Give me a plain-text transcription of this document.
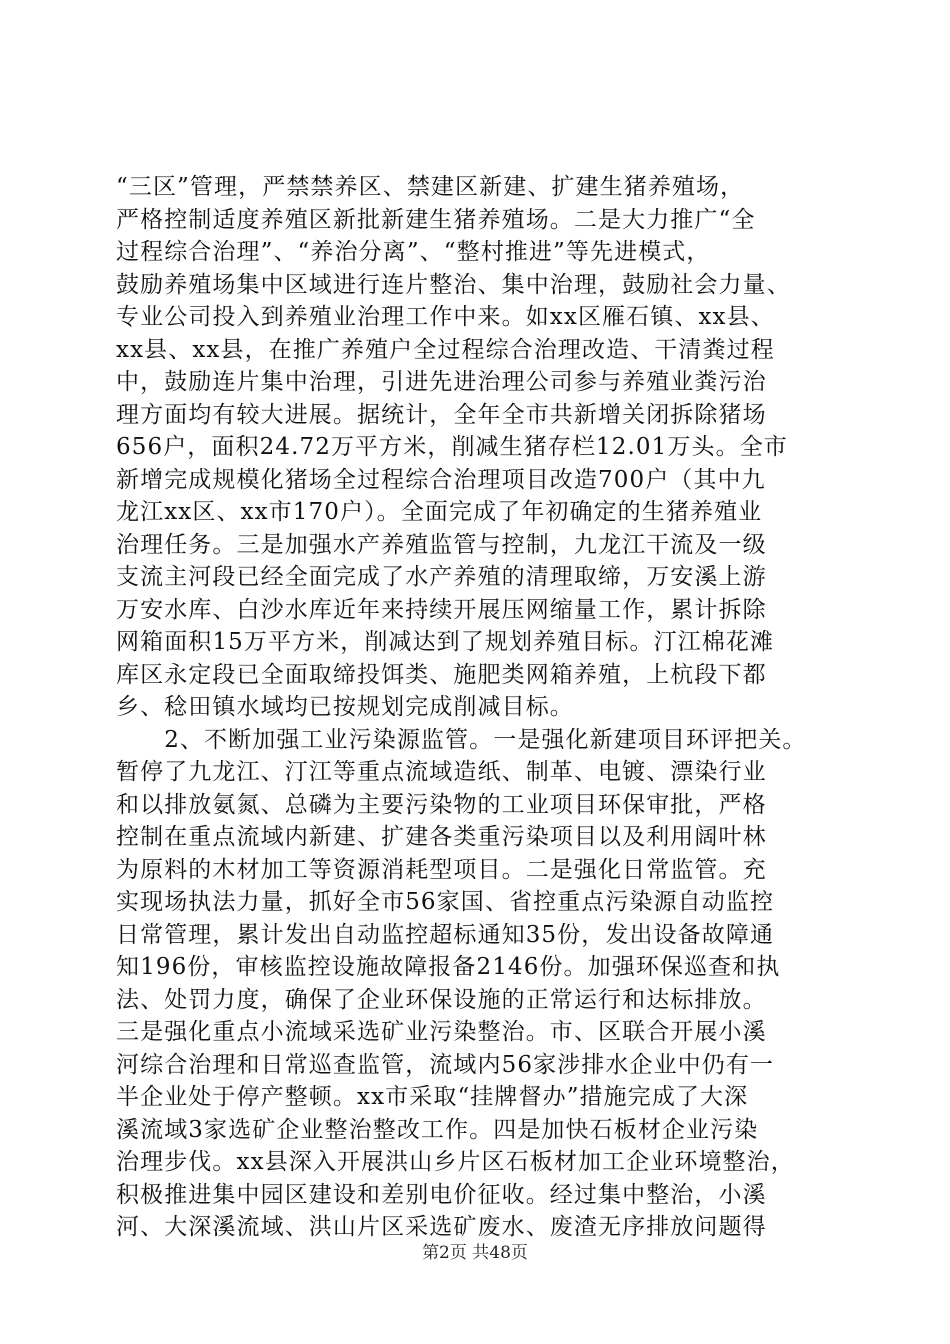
“三区”管理，严禁禁养区、禁建区新建、扩建生猪养殖场，
严格控制适度养殖区新批新建生猪养殖场。二是大力推广“全
过程综合治理”、“养治分离”、“整村推进”等先进模式，
鼓励养殖场集中区域进行连片整治、集中治理，鼓励社会力量、
专业公司投入到养殖业治理工作中来。如xx区雁石镇、xx县、
xx县、xx县，在推广养殖户全过程综合治理改造、干清粪过程
中，鼓励连片集中治理，引进先进治理公司参与养殖业粪污治
理方面均有较大进展。据统计，全年全市共新增关闭拆除猪场
656户，面积24.72万平方米，削减生猪存栏12.01万头。全市
新增完成规模化猪场全过程综合治理项目改造700户（其中九
龙江xx区、xx市170户）。全面完成了年初确定的生猪养殖业
治理任务。三是加强水产养殖监管与控制，九龙江干流及一级
支流主河段已经全面完成了水产养殖的清理取缔，万安溪上游
万安水库、白沙水库近年来持续开展压网缩量工作，累计拆除
网箱面积15万平方米，削减达到了规划养殖目标。汀江棉花滩
库区永定段已全面取缔投饵类、施肥类网箱养殖，上杭段下都
乡、稔田镇水域均已按规划完成削减目标。
　　2、不断加强工业污染源监管。一是强化新建项目环评把关。
暂停了九龙江、汀江等重点流域造纸、制革、电镀、漂染行业
和以排放氨氮、总磷为主要污染物的工业项目环保审批，严格
控制在重点流域内新建、扩建各类重污染项目以及利用阔叶林
为原料的木材加工等资源消耗型项目。二是强化日常监管。充
实现场执法力量，抓好全市56家国、省控重点污染源自动监控
日常管理，累计发出自动监控超标通知35份，发出设备故障通
知196份，审核监控设施故障报备2146份。加强环保巡查和执
法、处罚力度，确保了企业环保设施的正常运行和达标排放。
三是强化重点小流域采选矿业污染整治。市、区联合开展小溪
河综合治理和日常巡查监管，流域内56家涉排水企业中仍有一
半企业处于停产整顿。xx市采取“挂牌督办”措施完成了大深
溪流域3家选矿企业整治整改工作。四是加快石板材企业污染
治理步伐。xx县深入开展洪山乡片区石板材加工企业环境整治，
积极推进集中园区建设和差别电价征收。经过集中整治，小溪
河、大深溪流域、洪山片区采选矿废水、废渣无序排放问题得
第2页 共48页
